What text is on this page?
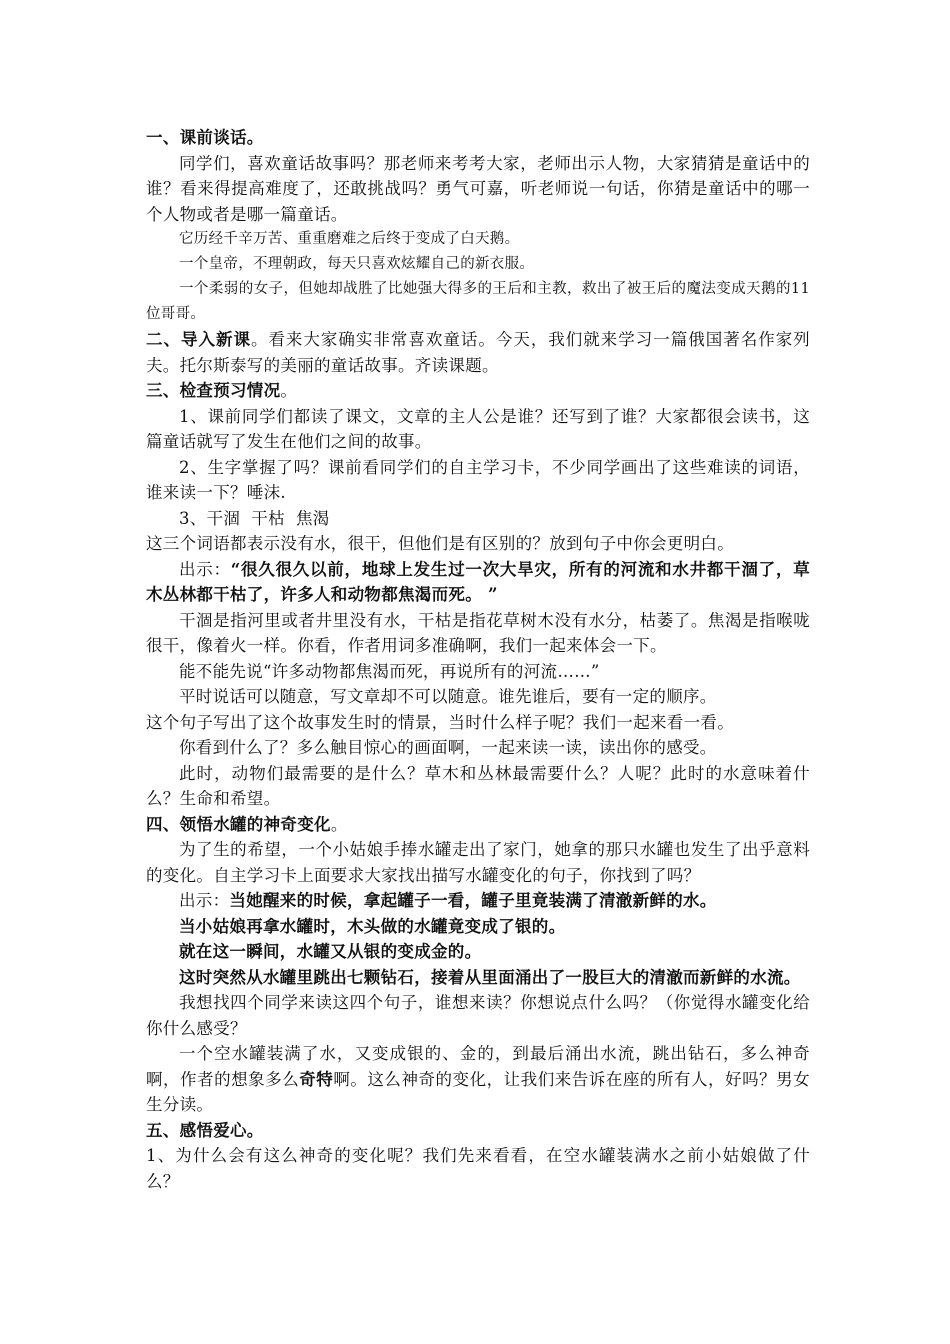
一、课前谈话。

同学们，喜欢童话故事吗？那老师来考考大家，老师出示人物，大家猜猜是童话中的谁？看来得提高难度了，还敢挑战吗？勇气可嘉，听老师说一句话，你猜是童话中的哪一个人物或者是哪一篇童话。

它历经千辛万苦、重重磨难之后终于变成了白天鹅。

一个皇帝，不理朝政，每天只喜欢炫耀自己的新衣服。

一个柔弱的女子，但她却战胜了比她强大得多的王后和主教，救出了被王后的魔法变成天鹅的11位哥哥。

二、导入新课。看来大家确实非常喜欢童话。今天，我们就来学习一篇俄国著名作家列夫。托尔斯泰写的美丽的童话故事。齐读课题。

三、检查预习情况。

1、课前同学们都读了课文，文章的主人公是谁？还写到了谁？大家都很会读书，这篇童话就写了发生在他们之间的故事。

2、生字掌握了吗？课前看同学们的自主学习卡，不少同学画出了这些难读的词语，谁来读一下？唾沫.

3、干涸  干枯  焦渴

这三个词语都表示没有水，很干，但他们是有区别的？放到句子中你会更明白。

出示：“很久很久以前，地球上发生过一次大旱灾，所有的河流和水井都干涸了，草木丛林都干枯了，许多人和动物都焦渴而死。 ”

干涸是指河里或者井里没有水，干枯是指花草树木没有水分，枯萎了。焦渴是指喉咙很干，像着火一样。你看，作者用词多准确啊，我们一起来体会一下。

能不能先说“许多动物都焦渴而死，再说所有的河流……”

平时说话可以随意，写文章却不可以随意。谁先谁后，要有一定的顺序。

这个句子写出了这个故事发生时的情景，当时什么样子呢？我们一起来看一看。

你看到什么了？多么触目惊心的画面啊，一起来读一读，读出你的感受。

此时，动物们最需要的是什么？草木和丛林最需要什么？人呢？此时的水意味着什么？生命和希望。

四、领悟水罐的神奇变化。

为了生的希望，一个小姑娘手捧水罐走出了家门，她拿的那只水罐也发生了出乎意料的变化。自主学习卡上面要求大家找出描写水罐变化的句子，你找到了吗？

出示：当她醒来的时候，拿起罐子一看，罐子里竟装满了清澈新鲜的水。

当小姑娘再拿水罐时，木头做的水罐竟变成了银的。

就在这一瞬间，水罐又从银的变成金的。

这时突然从水罐里跳出七颗钻石，接着从里面涌出了一股巨大的清澈而新鲜的水流。

我想找四个同学来读这四个句子，谁想来读？你想说点什么吗？（你觉得水罐变化给你什么感受？

一个空水罐装满了水，又变成银的、金的，到最后涌出水流，跳出钻石，多么神奇啊，作者的想象多么奇特啊。这么神奇的变化，让我们来告诉在座的所有人，好吗？男女生分读。

五、感悟爱心。

1、为什么会有这么神奇的变化呢？我们先来看看，在空水罐装满水之前小姑娘做了什么？
